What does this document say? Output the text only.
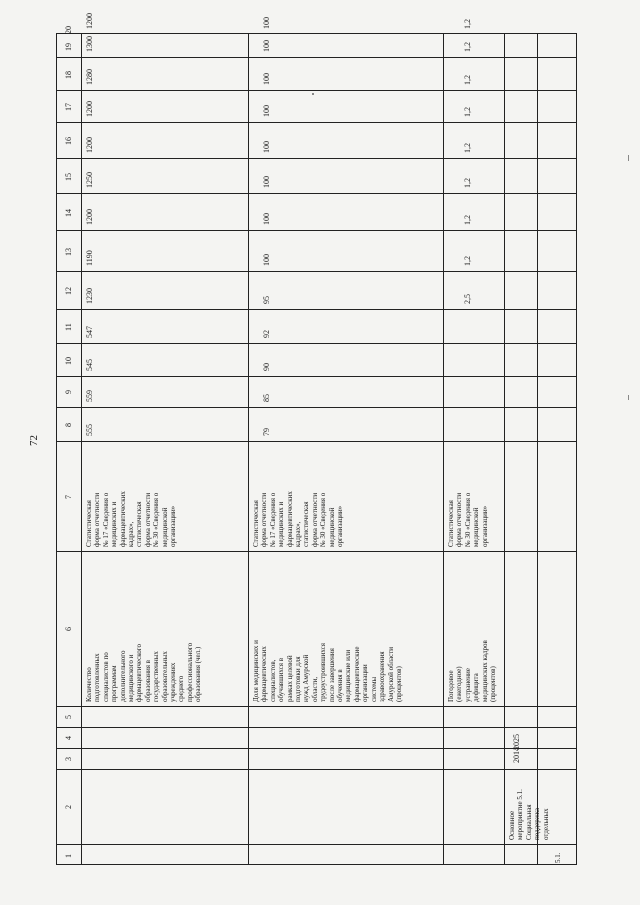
72
1
2
3
4
5
6
7
8
9
10
11
12
13
14
15
16
17
18
19
20
Количество
подготовленных
специалистов по
программам
дополнительного
медицинского и
фармацевтического
образования в
государственных
образовательных
учреждениях
среднего
профессионального
образования (чел.)
Статистическая
форма отчетности
№ 17 «Сведения о
медицинских и
фармацевтических
кадрах»,
статистическая
форма отчетности
№ 30 «Сведения о
медицинской
организации»
555
559
545
547
1230
1190
1200
1250
1200
1200
1280
1300
1200
Доля медицинских и
фармацевтических
специалистов,
обучавшихся в
рамках целевой
подготовки для
нужд Амурской
области,
трудоустроившихся
после завершения
обучения в
медицинские или
фармацевтические
организации
системы
здравоохранения
Амурской области
(процентов)
Статистическая
форма отчетности
№ 17 «Сведения о
медицинских и
фармацевтических
кадрах»,
статистическая
форма отчетности
№ 30 «Сведения о
медицинской
организации»
79
85
90
92
95
100
100
100
100
100
100
100
100
Погодовое
(ежегодное)
устранение
дефицита
медицинских кадров
(процентов)
Статистическая
форма отчетности
№ 30 «Сведения о
медицинской
организации»
2,5
1,2
1,2
1,2
1,2
1,2
1,2
1,2
1,2
5.1.
Основное
мероприятие 5.1.
Социальная
поддержка
отдельных
2014
2025
